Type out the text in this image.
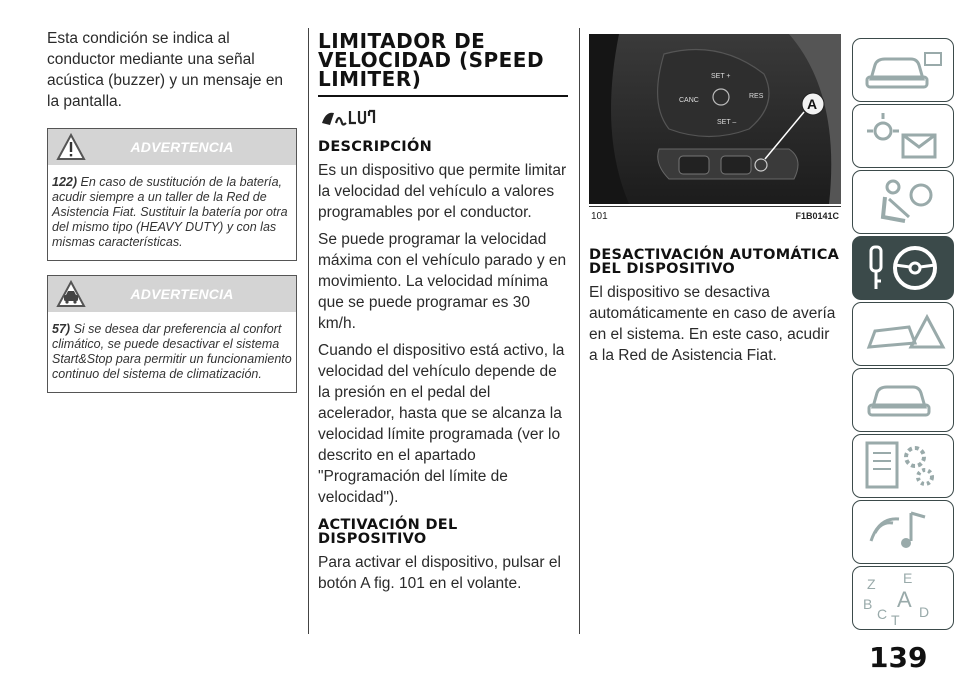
Esta condición se indica al conductor mediante una señal acústica (buzzer) y un mensaje en la pantalla.

ADVERTENCIA
122) En caso de sustitución de la batería, acudir siempre a un taller de la Red de Asistencia Fiat. Sustituir la batería por otra del mismo tipo (HEAVY DUTY) y con las mismas características.
ADVERTENCIA
57) Si se desea dar preferencia al confort climático, se puede desactivar el sistema Start&Stop para permitir un funcionamiento continuo del sistema de climatización.
LIMITADOR DE VELOCIDAD (SPEED LIMITER)
DESCRIPCIÓN

Es un dispositivo que permite limitar la velocidad del vehículo a valores programables por el conductor.

Se puede programar la velocidad máxima con el vehículo parado y en movimiento. La velocidad mínima que se puede programar es 30 km/h.

Cuando el dispositivo está activo, la velocidad del vehículo depende de la presión en el pedal del acelerador, hasta que se alcanza la velocidad límite programada (ver lo descrito en el apartado "Programación del límite de velocidad").

ACTIVACIÓN DEL DISPOSITIVO

Para activar el dispositivo, pulsar el botón A fig. 101 en el volante.

SET +
CANC
RES
SET –
A
101	F1B0141C
DESACTIVACIÓN AUTOMÁTICA DEL DISPOSITIVO

El dispositivo se desactiva automáticamente en caso de avería en el sistema. En este caso, acudir a la Red de Asistencia Fiat.

Z E
B A
C T D
139
